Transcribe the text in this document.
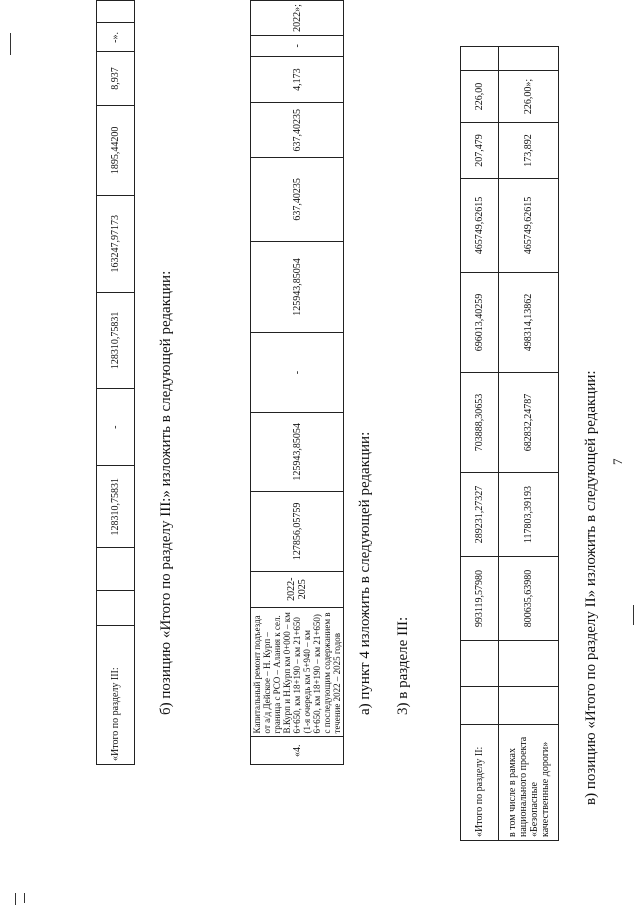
7
в) позицию «Итого по разделу II» изложить в следующей редакции:
«Итого по разделу II:			993119,57980	289231,27327	703888,30653	696013,40259	465749,62615	207,479	226,00	
в том числе в рамках национального проекта «Безопасные качественные дороги»			800635,63980	117803,39193	682832,24787	498314,13862	465749,62615	173,892	226,00»;	
3) в разделе III:
а) пункт 4 изложить в следующей редакции:
«4.	Капитальный ремонт подъезда от а/д Дейское – Н. Курп – граница с РСО – Алания к сел. В.Курп и Н.Курп км 0+000 – км 6+650, км 18+190 – км 21+650 (1-я очередь км 5+940 – км 6+650, км 18+190 – км 21+650) с последующим содержанием в течение 2022 – 2025 годов	2022-2025	127856,05759	125943,85054	-	125943,85054	637,40235	637,40235	4,173	-	2022»;
б) позицию «Итого по разделу III:» изложить в следующей редакции:
«Итого по разделу III:			128310,75831	-	128310,75831	163247,97173	1895,44200	8,937	-».	
